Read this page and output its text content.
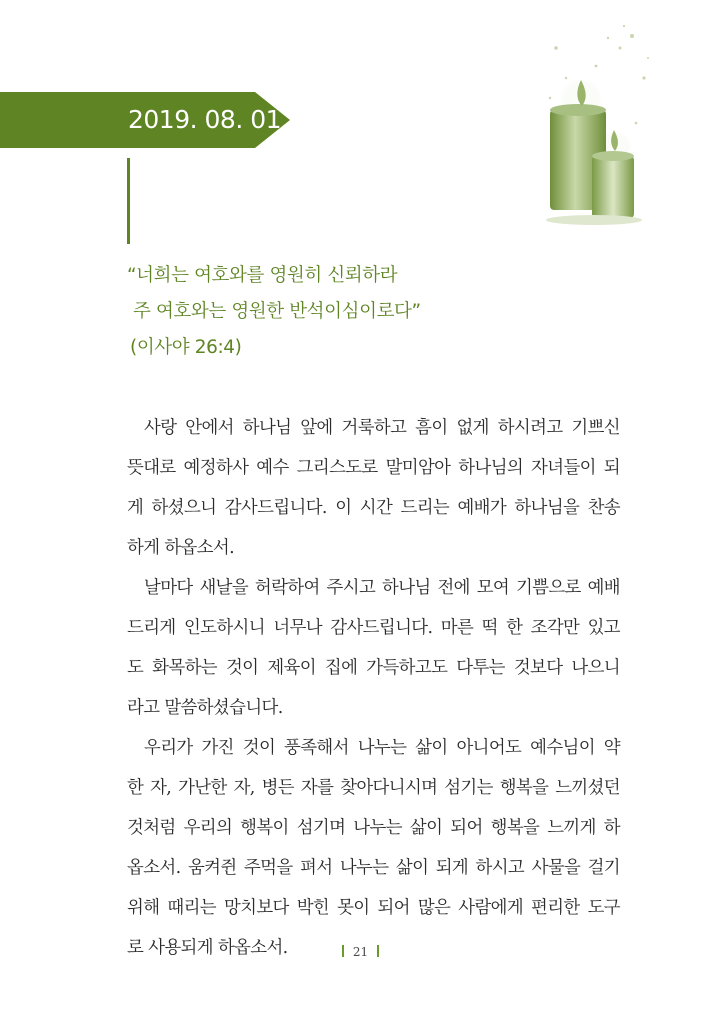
2019. 08. 01.
“너희는 여호와를 영원히 신뢰하라
주 여호와는 영원한 반석이심이로다”
(이사야 26:4)
사랑 안에서 하나님 앞에 거룩하고 흠이 없게 하시려고 기쁘신
뜻대로 예정하사 예수 그리스도로 말미암아 하나님의 자녀들이 되
게 하셨으니 감사드립니다. 이 시간 드리는 예배가 하나님을 찬송
하게 하옵소서.
날마다 새날을 허락하여 주시고 하나님 전에 모여 기쁨으로 예배
드리게 인도하시니 너무나 감사드립니다. 마른 떡 한 조각만 있고
도 화목하는 것이 제육이 집에 가득하고도 다투는 것보다 나으니
라고 말씀하셨습니다.
우리가 가진 것이 풍족해서 나누는 삶이 아니어도 예수님이 약
한 자, 가난한 자, 병든 자를 찾아다니시며 섬기는 행복을 느끼셨던
것처럼 우리의 행복이 섬기며 나누는 삶이 되어 행복을 느끼게 하
옵소서. 움켜쥔 주먹을 펴서 나누는 삶이 되게 하시고 사물을 걸기
위해 때리는 망치보다 박힌 못이 되어 많은 사람에게 편리한 도구
로 사용되게 하옵소서.	21
